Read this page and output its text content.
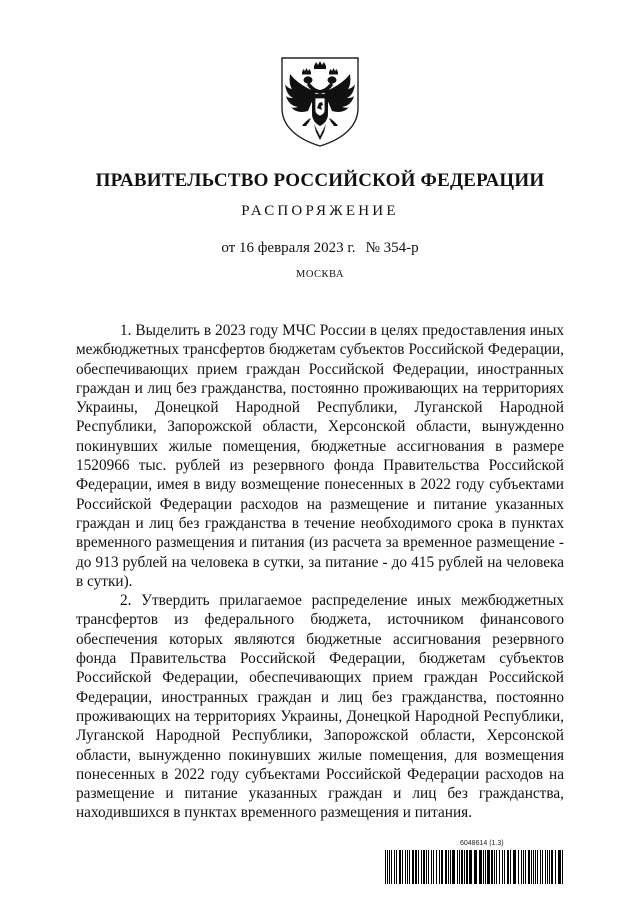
ПРАВИТЕЛЬСТВО РОССИЙСКОЙ ФЕДЕРАЦИИ
РАСПОРЯЖЕНИЕ
от 16 февраля 2023 г. № 354-р
МОСКВА

1. Выделить в 2023 году МЧС России в целях предоставления иных межбюджетных трансфертов бюджетам субъектов Российской Федерации, обеспечивающих прием граждан Российской Федерации, иностранных граждан и лиц без гражданства, постоянно проживающих на территориях Украины, Донецкой Народной Республики, Луганской Народной Республики, Запорожской области, Херсонской области, вынужденно покинувших жилые помещения, бюджетные ассигнования в размере 1520966 тыс. рублей из резервного фонда Правительства Российской Федерации, имея в виду возмещение понесенных в 2022 году субъектами Российской Федерации расходов на размещение и питание указанных граждан и лиц без гражданства в течение необходимого срока в пунктах временного размещения и питания (из расчета за временное размещение - до 913 рублей на человека в сутки, за питание - до 415 рублей на человека в сутки).

2. Утвердить прилагаемое распределение иных межбюджетных трансфертов из федерального бюджета, источником финансового обеспечения которых являются бюджетные ассигнования резервного фонда Правительства Российской Федерации, бюджетам субъектов Российской Федерации, обеспечивающих прием граждан Российской Федерации, иностранных граждан и лиц без гражданства, постоянно проживающих на территориях Украины, Донецкой Народной Республики, Луганской Народной Республики, Запорожской области, Херсонской области, вынужденно покинувших жилые помещения, для возмещения понесенных в 2022 году субъектами Российской Федерации расходов на размещение и питание указанных граждан и лиц без гражданства, находившихся в пунктах временного размещения и питания.

6048614 (1.3)
